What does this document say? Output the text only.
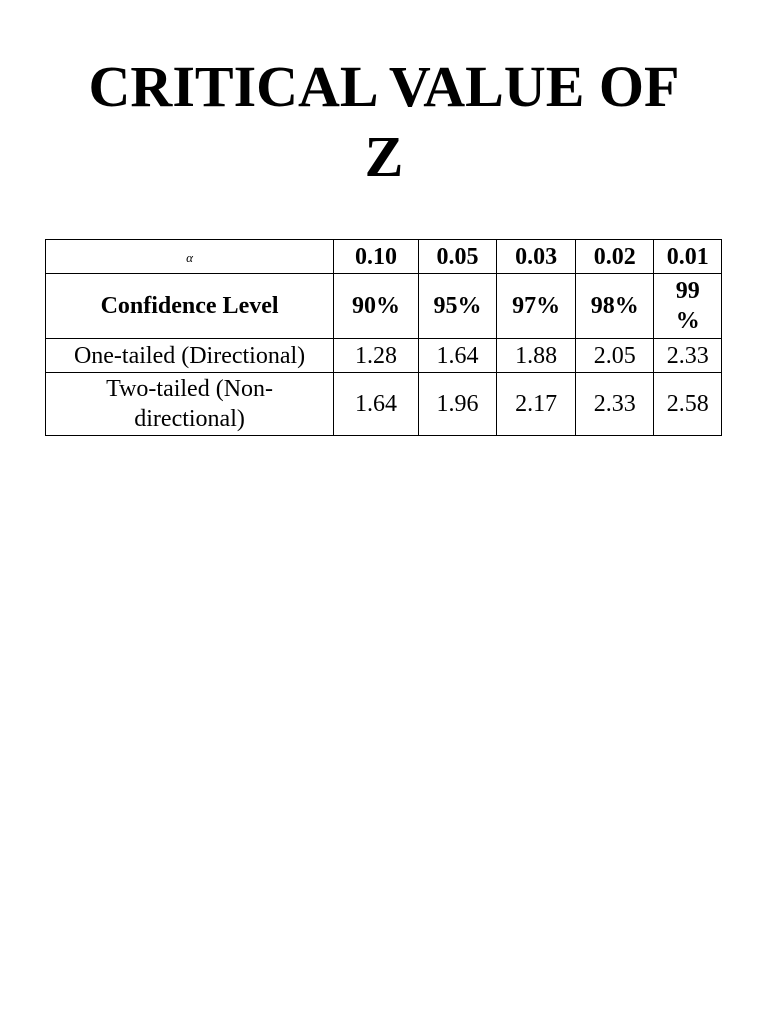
CRITICAL VALUE OF
Z
α	0.10	0.05	0.03	0.02	0.01
Confidence Level	90%	95%	97%	98%	99 %
One-tailed (Directional)	1.28	1.64	1.88	2.05	2.33
Two-tailed (Non-directional)	1.64	1.96	2.17	2.33	2.58
